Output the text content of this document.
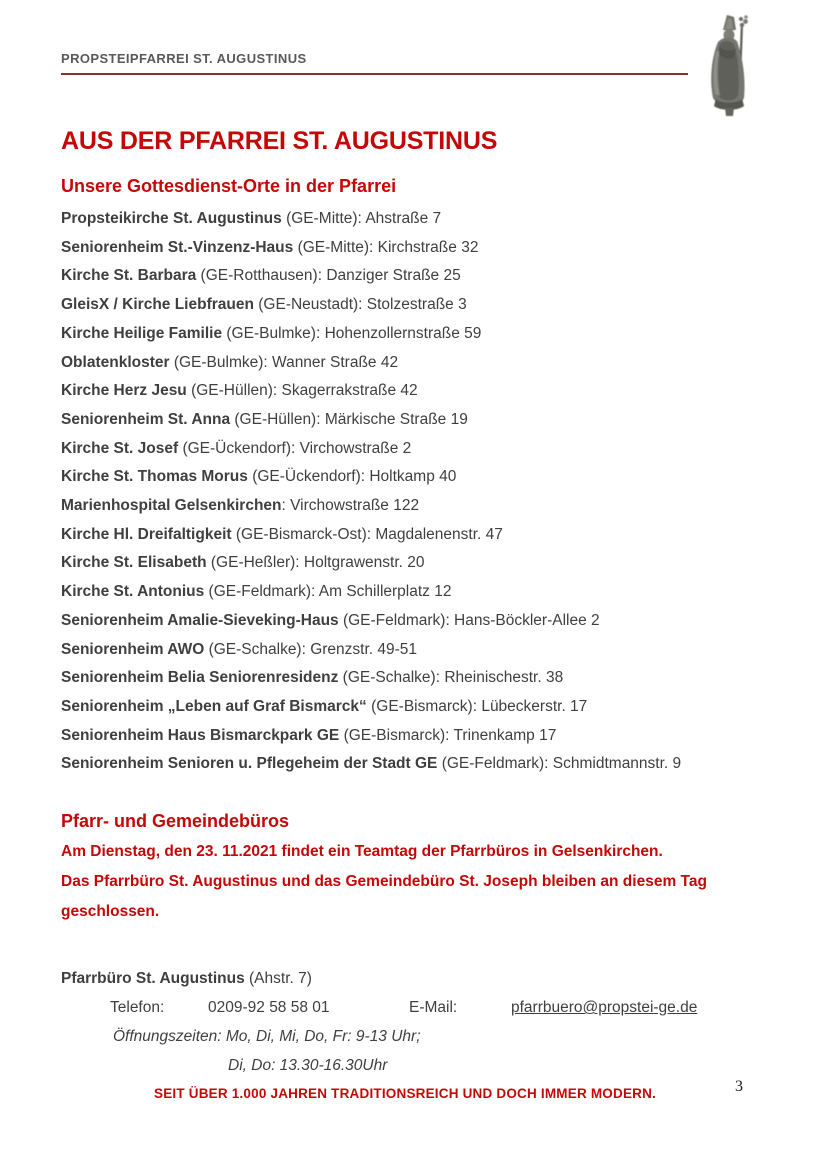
PROPSTEIPFARREI ST. AUGUSTINUS
AUS DER PFARREI ST. AUGUSTINUS
Unsere Gottesdienst-Orte in der Pfarrei
Propsteikirche St. Augustinus (GE-Mitte): Ahstraße 7
Seniorenheim St.-Vinzenz-Haus (GE-Mitte): Kirchstraße 32
Kirche St. Barbara (GE-Rotthausen): Danziger Straße 25
GleisX / Kirche Liebfrauen (GE-Neustadt): Stolzestraße 3
Kirche Heilige Familie (GE-Bulmke): Hohenzollernstraße 59
Oblatenkloster (GE-Bulmke): Wanner Straße 42
Kirche Herz Jesu (GE-Hüllen): Skagerrakstraße 42
Seniorenheim St. Anna (GE-Hüllen): Märkische Straße 19
Kirche St. Josef (GE-Ückendorf): Virchowstraße 2
Kirche St. Thomas Morus (GE-Ückendorf): Holtkamp 40
Marienhospital Gelsenkirchen: Virchowstraße 122
Kirche Hl. Dreifaltigkeit (GE-Bismarck-Ost): Magdalenenstr. 47
Kirche St. Elisabeth (GE-Heßler): Holtgrawenstr. 20
Kirche St. Antonius (GE-Feldmark): Am Schillerplatz 12
Seniorenheim Amalie-Sieveking-Haus (GE-Feldmark): Hans-Böckler-Allee 2
Seniorenheim AWO (GE-Schalke): Grenzstr. 49-51
Seniorenheim Belia Seniorenresidenz (GE-Schalke): Rheinischestr. 38
Seniorenheim „Leben auf Graf Bismarck“ (GE-Bismarck): Lübeckerstr. 17
Seniorenheim Haus Bismarckpark GE (GE-Bismarck): Trinenkamp 17
Seniorenheim Senioren u. Pflegeheim der Stadt GE (GE-Feldmark): Schmidtmannstr. 9
Pfarr- und Gemeindebüros
Am Dienstag, den 23. 11.2021 findet ein Teamtag der Pfarrbüros in Gelsenkirchen.
Das Pfarrbüro St. Augustinus und das Gemeindebüro St. Joseph bleiben an diesem Tag
geschlossen.
Pfarrbüro St. Augustinus (Ahstr. 7)
Telefon:	0209-92 58 58 01	E-Mail:	pfarrbuero@propstei-ge.de
Öffnungszeiten: Mo, Di, Mi, Do, Fr: 9-13 Uhr;
Di, Do: 13.30-16.30Uhr
SEIT ÜBER 1.000 JAHREN TRADITIONSREICH UND DOCH IMMER MODERN.	3
